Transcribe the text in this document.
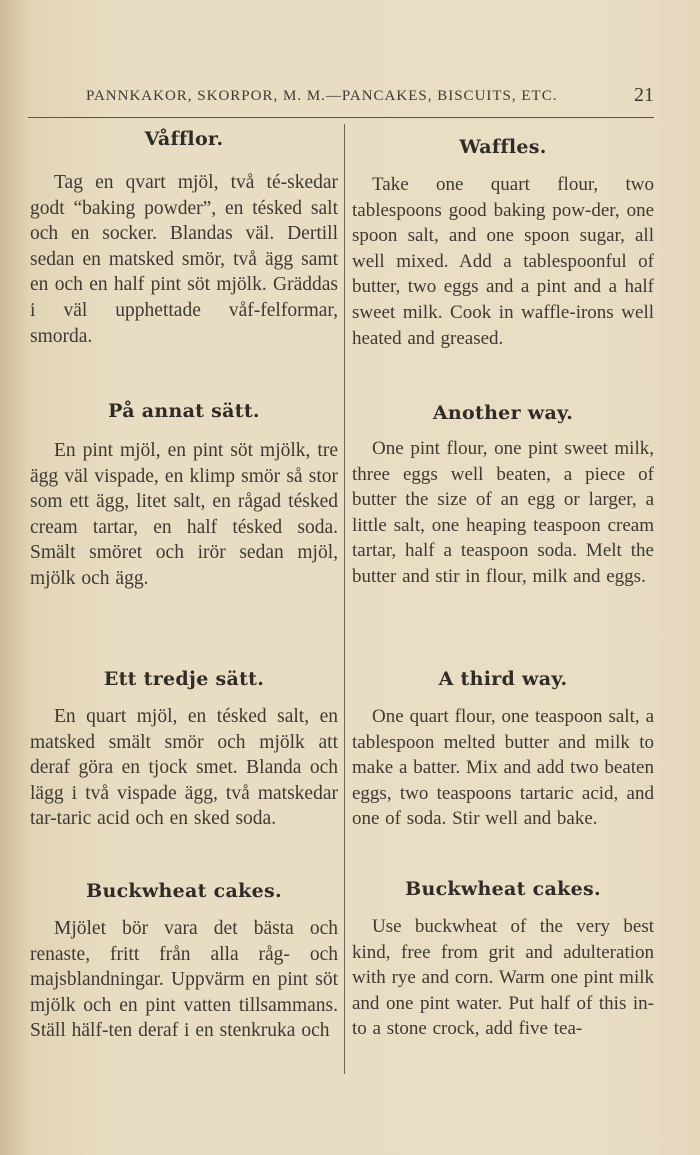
PANNKAKOR, SKORPOR, M. M.—PANCAKES, BISCUITS, ETC.	21
Våfflor.

Tag en qvart mjöl, två té-skedar godt “baking powder”, en tésked salt och en socker. Blandas väl. Dertill sedan en matsked smör, två ägg samt en och en half pint söt mjölk. Gräddas i väl upphettade våf-felformar, smorda.

På annat sätt.

En pint mjöl, en pint söt mjölk, tre ägg väl vispade, en klimp smör så stor som ett ägg, litet salt, en rågad tésked cream tartar, en half tésked soda. Smält smöret och irör sedan mjöl, mjölk och ägg.

Ett tredje sätt.

En quart mjöl, en tésked salt, en matsked smält smör och mjölk att deraf göra en tjock smet. Blanda och lägg i två vispade ägg, två matskedar tar-taric acid och en sked soda.

Buckwheat cakes.

Mjölet bör vara det bästa och renaste, fritt från alla råg- och majsblandningar. Uppvärm en pint söt mjölk och en pint vatten tillsammans. Ställ hälf-ten deraf i en stenkruka och

Waffles.

Take one quart flour, two tablespoons good baking pow-der, one spoon salt, and one spoon sugar, all well mixed. Add a tablespoonful of butter, two eggs and a pint and a half sweet milk. Cook in waffle-irons well heated and greased.

Another way.

One pint flour, one pint sweet milk, three eggs well beaten, a piece of butter the size of an egg or larger, a little salt, one heaping teaspoon cream tartar, half a teaspoon soda. Melt the butter and stir in flour, milk and eggs.

A third way.

One quart flour, one teaspoon salt, a tablespoon melted butter and milk to make a batter. Mix and add two beaten eggs, two teaspoons tartaric acid, and one of soda. Stir well and bake.

Buckwheat cakes.

Use buckwheat of the very best kind, free from grit and adulteration with rye and corn. Warm one pint milk and one pint water. Put half of this in-to a stone crock, add five tea-
